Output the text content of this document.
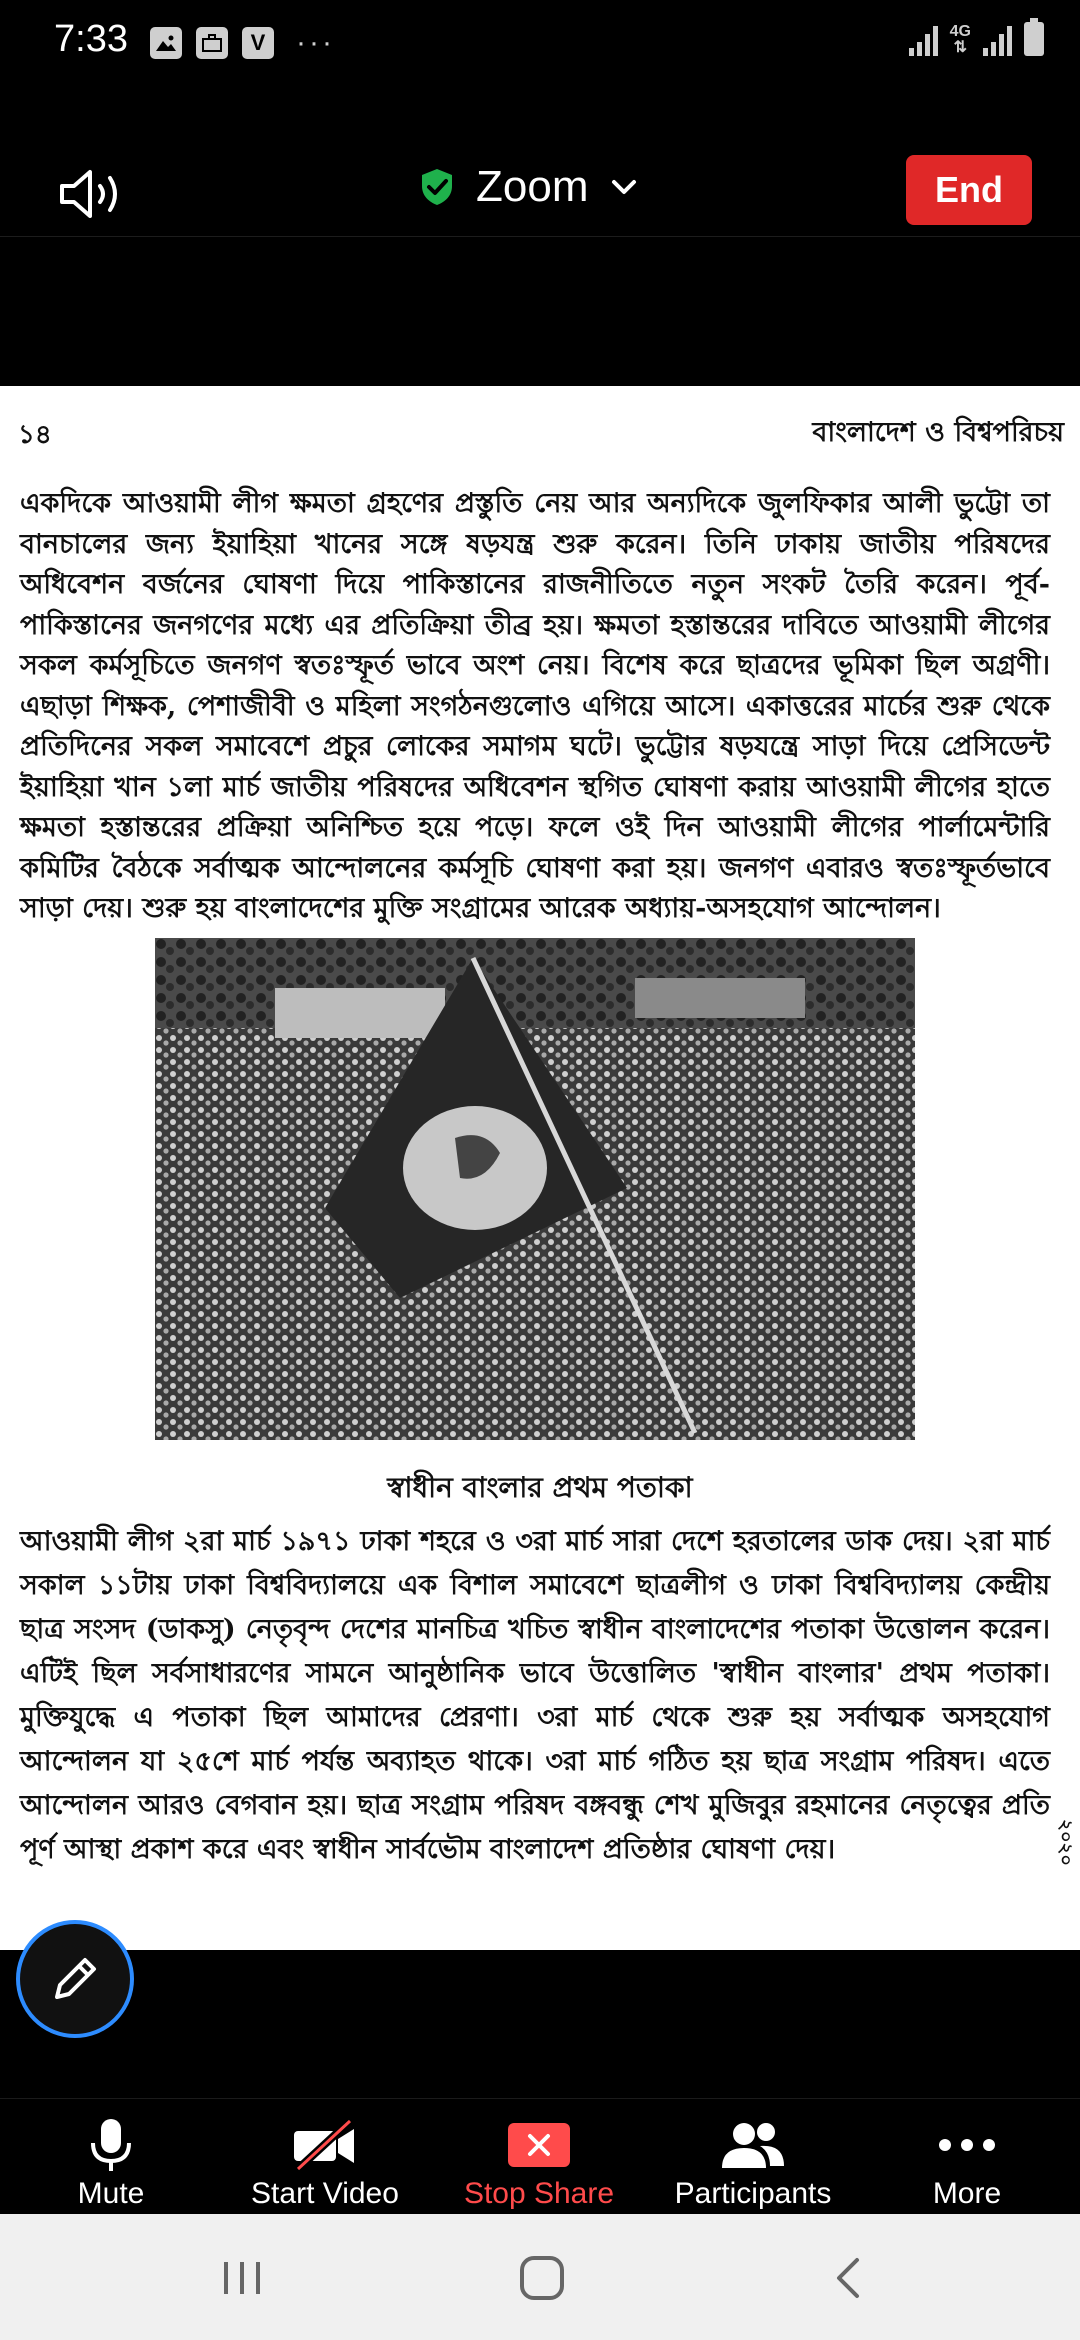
7:33	V ···	4G
⇅
Zoom	End
১৪	বাংলাদেশ ও বিশ্বপরিচয়

একদিকে আওয়ামী লীগ ক্ষমতা গ্রহণের প্রস্তুতি নেয় আর অন্যদিকে জুলফিকার আলী ভুট্টো তা বানচালের জন্য ইয়াহিয়া খানের সঙ্গে ষড়যন্ত্র শুরু করেন। তিনি ঢাকায় জাতীয় পরিষদের অধিবেশন বর্জনের ঘোষণা দিয়ে পাকিস্তানের রাজনীতিতে নতুন সংকট তৈরি করেন। পূর্ব-পাকিস্তানের জনগণের মধ্যে এর প্রতিক্রিয়া তীব্র হয়। ক্ষমতা হস্তান্তরের দাবিতে আওয়ামী লীগের সকল কর্মসূচিতে জনগণ স্বতঃস্ফূর্ত ভাবে অংশ নেয়। বিশেষ করে ছাত্রদের ভূমিকা ছিল অগ্রণী। এছাড়া শিক্ষক, পেশাজীবী ও মহিলা সংগঠনগুলোও এগিয়ে আসে। একাত্তরের মার্চের শুরু থেকে প্রতিদিনের সকল সমাবেশে প্রচুর লোকের সমাগম ঘটে। ভুট্টোর ষড়যন্ত্রে সাড়া দিয়ে প্রেসিডেন্ট ইয়াহিয়া খান ১লা মার্চ জাতীয় পরিষদের অধিবেশন স্থগিত ঘোষণা করায় আওয়ামী লীগের হাতে ক্ষমতা হস্তান্তরের প্রক্রিয়া অনিশ্চিত হয়ে পড়ে। ফলে ওই দিন আওয়ামী লীগের পার্লামেন্টারি কমিটির বৈঠকে সর্বাত্মক আন্দোলনের কর্মসূচি ঘোষণা করা হয়। জনগণ এবারও স্বতঃস্ফূর্তভাবে সাড়া দেয়। শুরু হয় বাংলাদেশের মুক্তি সংগ্রামের আরেক অধ্যায়-অসহযোগ আন্দোলন।

স্বাধীন বাংলার প্রথম পতাকা

আওয়ামী লীগ ২রা মার্চ ১৯৭১ ঢাকা শহরে ও ৩রা মার্চ সারা দেশে হরতালের ডাক দেয়। ২রা মার্চ সকাল ১১টায় ঢাকা বিশ্ববিদ্যালয়ে এক বিশাল সমাবেশে ছাত্রলীগ ও ঢাকা বিশ্ববিদ্যালয় কেন্দ্রীয় ছাত্র সংসদ (ডাকসু) নেতৃবৃন্দ দেশের মানচিত্র খচিত স্বাধীন বাংলাদেশের পতাকা উত্তোলন করেন। এটিই ছিল সর্বসাধারণের সামনে আনুষ্ঠানিক ভাবে উত্তোলিত 'স্বাধীন বাংলার' প্রথম পতাকা। মুক্তিযুদ্ধে এ পতাকা ছিল আমাদের প্রেরণা। ৩রা মার্চ থেকে শুরু হয় সর্বাত্মক অসহযোগ আন্দোলন যা ২৫শে মার্চ পর্যন্ত অব্যাহত থাকে। ৩রা মার্চ গঠিত হয় ছাত্র সংগ্রাম পরিষদ। এতে আন্দোলন আরও বেগবান হয়। ছাত্র সংগ্রাম পরিষদ বঙ্গবন্ধু শেখ মুজিবুর রহমানের নেতৃত্বের প্রতি পূর্ণ আস্থা প্রকাশ করে এবং স্বাধীন সার্বভৌম বাংলাদেশ প্রতিষ্ঠার ঘোষণা দেয়।	২০২০
Mute	Start Video	Stop Share	Participants	More
